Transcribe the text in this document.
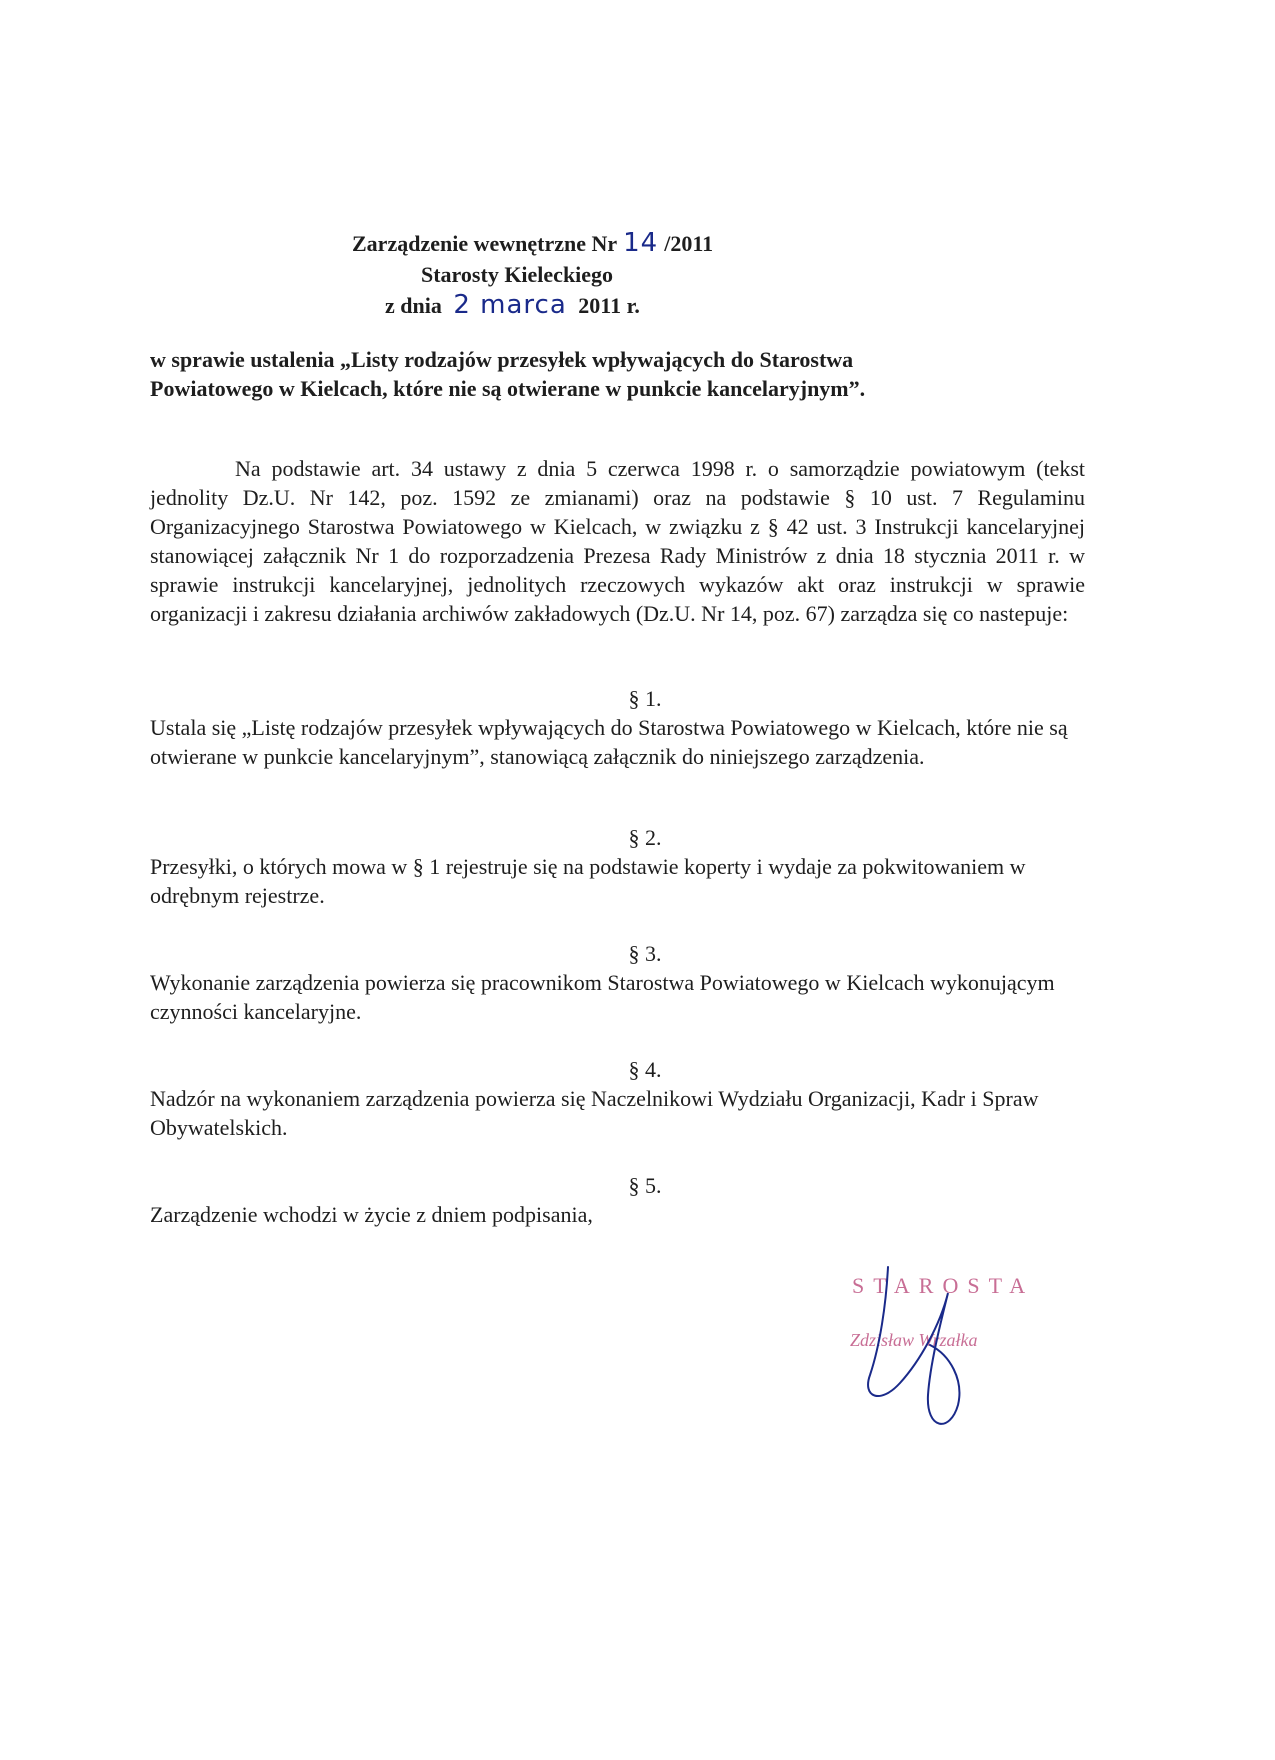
Zarządzenie wewnętrzne Nr 14 /2011
Starosty Kieleckiego
z dnia 2 marca 2011 r.
w sprawie ustalenia „Listy rodzajów przesyłek wpływających do Starostwa Powiatowego w Kielcach, które nie są otwierane w punkcie kancelaryjnym”.
Na podstawie art. 34 ustawy z dnia 5 czerwca 1998 r. o samorządzie powiatowym (tekst jednolity Dz.U. Nr 142, poz. 1592 ze zmianami) oraz na podstawie § 10 ust. 7 Regulaminu Organizacyjnego Starostwa Powiatowego w Kielcach, w związku z § 42 ust. 3 Instrukcji kancelaryjnej stanowiącej załącznik Nr 1 do rozporzadzenia Prezesa Rady Ministrów z dnia 18 stycznia 2011 r. w sprawie instrukcji kancelaryjnej, jednolitych rzeczowych wykazów akt oraz instrukcji w sprawie organizacji i zakresu działania archiwów zakładowych (Dz.U. Nr 14, poz. 67) zarządza się co nastepuje:
§ 1.
Ustala się „Listę rodzajów przesyłek wpływających do Starostwa Powiatowego w Kielcach, które nie są otwierane w punkcie kancelaryjnym”, stanowiącą załącznik do niniejszego zarządzenia.
§ 2.
Przesyłki, o których mowa w § 1 rejestruje się na podstawie koperty i wydaje za pokwitowaniem w odrębnym rejestrze.
§ 3.
Wykonanie zarządzenia powierza się pracownikom Starostwa Powiatowego w Kielcach wykonującym czynności kancelaryjne.
§ 4.
Nadzór na wykonaniem zarządzenia powierza się Naczelnikowi Wydziału Organizacji, Kadr i Spraw Obywatelskich.
§ 5.
Zarządzenie wchodzi w życie z dniem podpisania,
STAROSTA
Zdzisław Wrzałka
